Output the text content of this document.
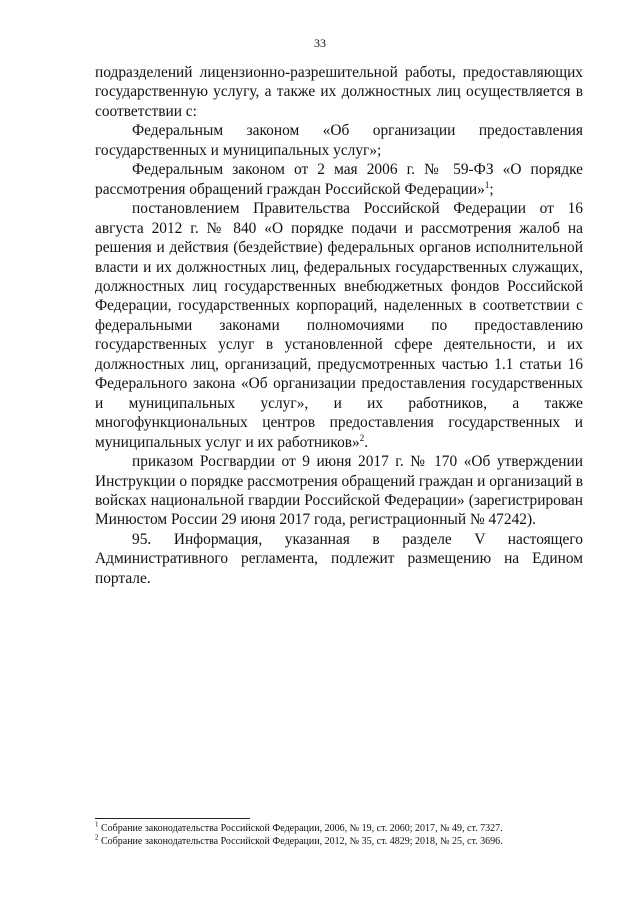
33

подразделений лицензионно-разрешительной работы, предоставляющих государственную услугу, а также их должностных лиц осуществляется в соответствии с:

Федеральным законом «Об организации предоставления государственных и муниципальных услуг»;

Федеральным законом от 2 мая 2006 г. № 59-ФЗ «О порядке рассмотрения обращений граждан Российской Федерации»$^1$;

постановлением Правительства Российской Федерации от 16 августа 2012 г. № 840 «О порядке подачи и рассмотрения жалоб на решения и действия (бездействие) федеральных органов исполнительной власти и их должностных лиц, федеральных государственных служащих, должностных лиц государственных внебюджетных фондов Российской Федерации, государственных корпораций, наделенных в соответствии с федеральными законами полномочиями по предоставлению государственных услуг в установленной сфере деятельности, и их должностных лиц, организаций, предусмотренных частью 1.1 статьи 16 Федерального закона «Об организации предоставления государственных и муниципальных услуг», и их работников, а также многофункциональных центров предоставления государственных и муниципальных услуг и их работников»$^2$.

приказом Росгвардии от 9 июня 2017 г. № 170 «Об утверждении Инструкции о порядке рассмотрения обращений граждан и организаций в войсках национальной гвардии Российской Федерации» (зарегистрирован Минюстом России 29 июня 2017 года, регистрационный № 47242).

95. Информация, указанная в разделе V настоящего Административного регламента, подлежит размещению на Едином портале.

$^1$ Собрание законодательства Российской Федерации, 2006, № 19, ст. 2060; 2017, № 49, ст. 7327.

$^2$ Собрание законодательства Российской Федерации, 2012, № 35, ст. 4829; 2018, № 25, ст. 3696.
